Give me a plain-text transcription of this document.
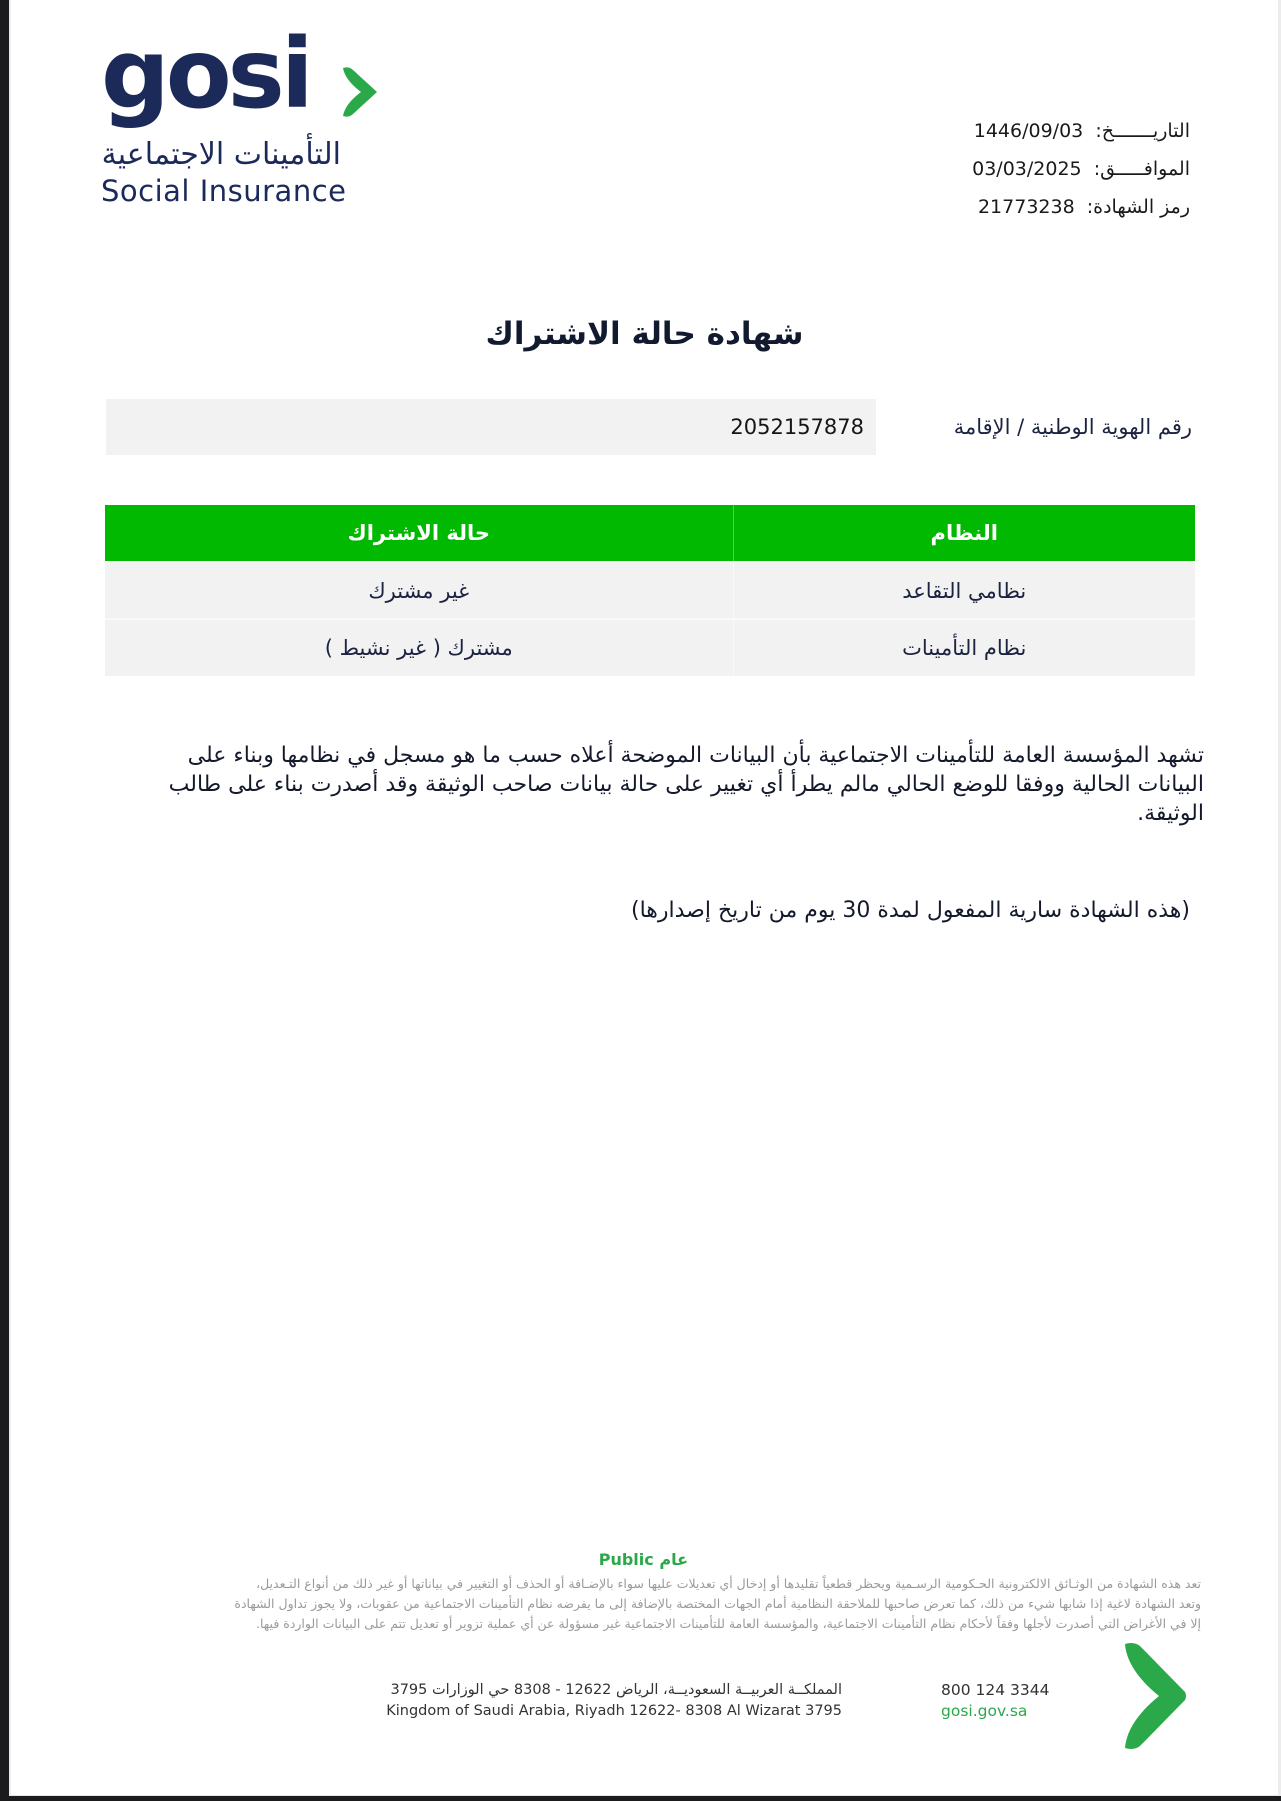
gosi
التأمينات الاجتماعية
Social Insurance
التاريـــــــخ: 1446/09/03
الموافـــــق: 03/03/2025
رمز الشهادة: 21773238
شهادة حالة الاشتراك
رقم الهوية الوطنية / الإقامة
2052157878
النظام	حالة الاشتراك
نظامي التقاعد	غير مشترك
نظام التأمينات	مشترك ( غير نشيط )
تشهد المؤسسة العامة للتأمينات الاجتماعية بأن البيانات الموضحة أعلاه حسب ما هو مسجل في نظامها وبناء على البيانات الحالية ووفقا للوضع الحالي مالم يطرأ أي تغيير على حالة بيانات صاحب الوثيقة وقد أصدرت بناء على طالب الوثيقة.
(هذه الشهادة سارية المفعول لمدة 30 يوم من تاريخ إصدارها)
عام Public

تعد هذه الشهادة من الوثـائق الالكترونية الحـكومية الرسـمية ويحظر قطعياً تقليدها أو إدخال أي تعديلات عليها سواء بالإضـافة أو الحذف أو التغيير في بياناتها أو غير ذلك من أنواع التـعديل،

وتعد الشهادة لاغية إذا شابها شيء من ذلك، كما تعرض صاحبها للملاحقة النظامية أمام الجهات المختصة بالإضافة إلى ما يفرضه نظام التأمينات الاجتماعية من عقوبات، ولا يجوز تداول الشهادة

إلا في الأغراض التي أصدرت لأجلها وفقاً لأحكام نظام التأمينات الاجتماعية، والمؤسسة العامة للتأمينات الاجتماعية غير مسؤولة عن أي عملية تزوير أو تعديل تتم على البيانات الواردة فيها.

المملكــة العربيــة السعوديــة، الرياض 12622 - 8308 حي الوزارات 3795
Kingdom of Saudi Arabia, Riyadh 12622- 8308 Al Wizarat 3795
800 124 3344
gosi.gov.sa
